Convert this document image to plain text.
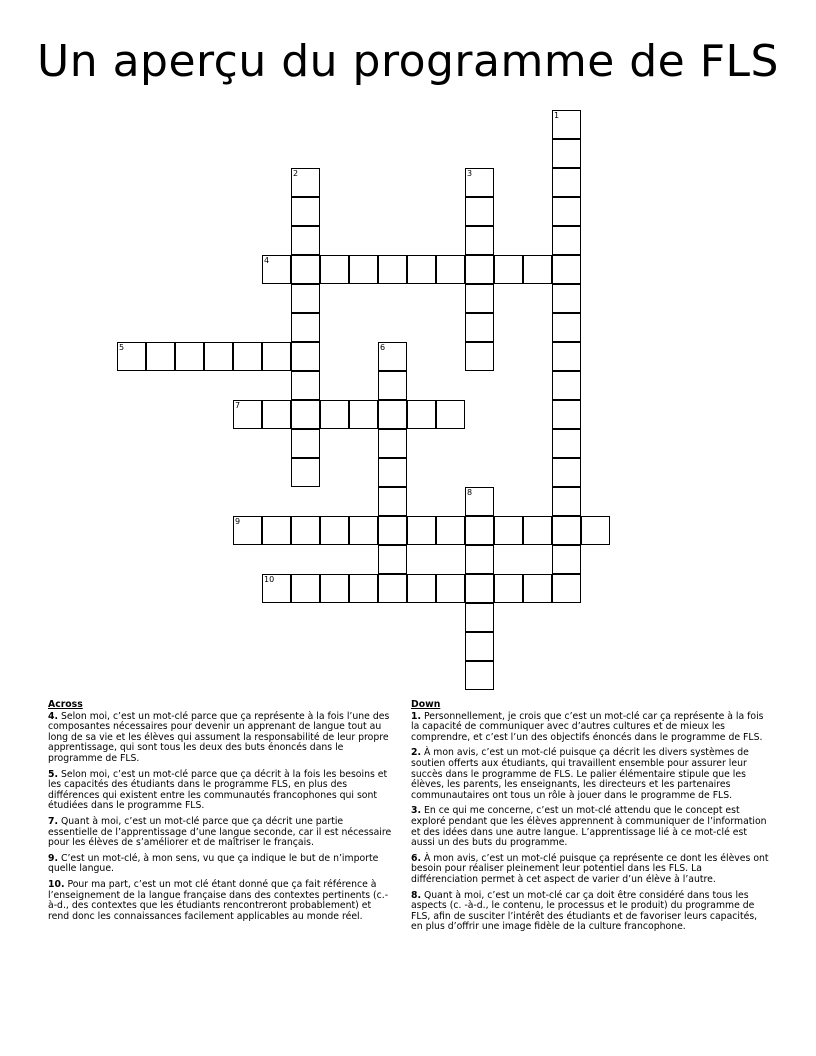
Un aperçu du programme de FLS
1
2	3
4
5	6
7
8
9
10
Across
4. Selon moi, c’est un mot-clé parce que ça représente à la fois l’une des composantes nécessaires pour devenir un apprenant de langue tout au long de sa vie et les élèves qui assument la responsabilité de leur propre apprentissage, qui sont tous les deux des buts énoncés dans le programme de FLS.
5. Selon moi, c’est un mot-clé parce que ça décrit à la fois les besoins et les capacités des étudiants dans le programme FLS, en plus des différences qui existent entre les communautés francophones qui sont étudiées dans le programme FLS.
7. Quant à moi, c’est un mot-clé parce que ça décrit une partie essentielle de l’apprentissage d’une langue seconde, car il est nécessaire pour les élèves de s’améliorer et de maîtriser le français.
9. C’est un mot-clé, à mon sens, vu que ça indique le but de n’importe quelle langue.
10. Pour ma part, c’est un mot clé étant donné que ça fait référence à l’enseignement de la langue française dans des contextes pertinents (c.-à-d., des contextes que les étudiants rencontreront probablement) et rend donc les connaissances facilement applicables au monde réel.
Down
1. Personnellement, je crois que c’est un mot-clé car ça représente à la fois la capacité de communiquer avec d’autres cultures et de mieux les comprendre, et c’est l’un des objectifs énoncés dans le programme de FLS.
2. À mon avis, c’est un mot-clé puisque ça décrit les divers systèmes de soutien offerts aux étudiants, qui travaillent ensemble pour assurer leur succès dans le programme de FLS. Le palier élémentaire stipule que les élèves, les parents, les enseignants, les directeurs et les partenaires communautaires ont tous un rôle à jouer dans le programme de FLS.
3. En ce qui me concerne, c’est un mot-clé attendu que le concept est exploré pendant que les élèves apprennent à communiquer de l’information et des idées dans une autre langue. L’apprentissage lié à ce mot-clé est aussi un des buts du programme.
6. À mon avis, c’est un mot-clé puisque ça représente ce dont les élèves ont besoin pour réaliser pleinement leur potentiel dans les FLS. La différenciation permet à cet aspect de varier d’un élève à l’autre.
8. Quant à moi, c’est un mot-clé car ça doit être considéré dans tous les aspects (c. -à-d., le contenu, le processus et le produit) du programme de FLS, afin de susciter l’intérêt des étudiants et de favoriser leurs capacités, en plus d’offrir une image fidèle de la culture francophone.
